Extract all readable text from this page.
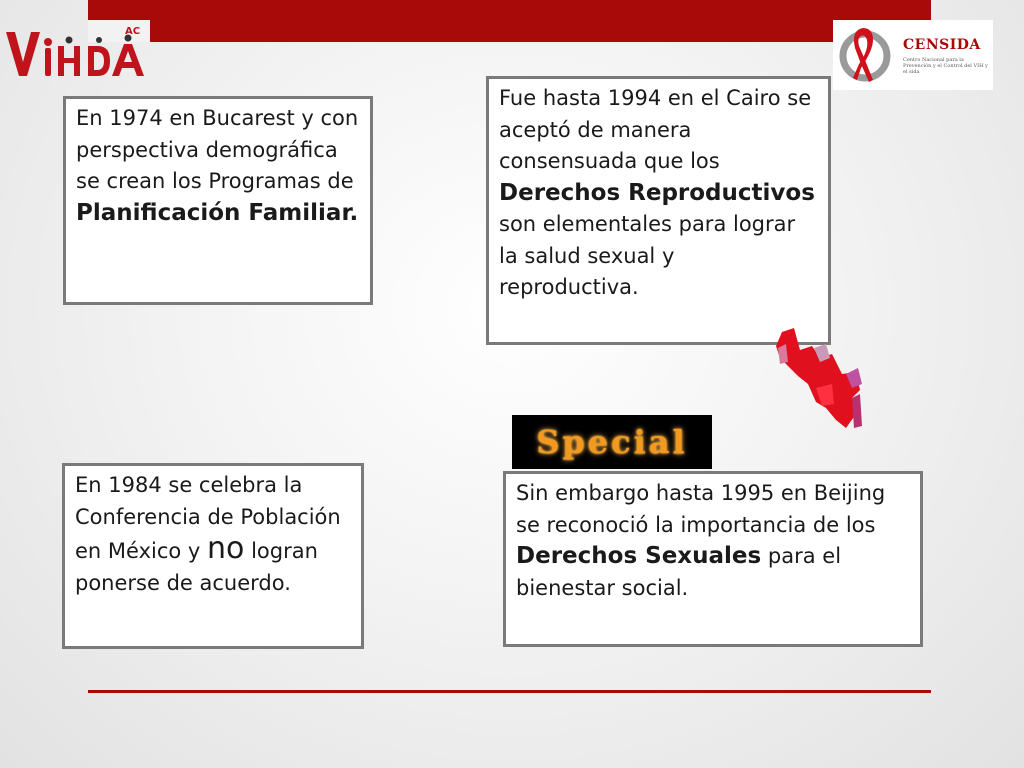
AC
CENSIDA
Centro Nacional para la Prevención y el Control del VIH y el sida
En 1974 en Bucarest y con perspectiva demográfica se crean los Programas de Planificación Familiar.
Fue hasta 1994 en el Cairo se aceptó de manera consensuada que los Derechos Reproductivos son elementales para lograr la salud sexual y reproductiva.
Special
En 1984 se celebra la Conferencia de Población en México y no logran ponerse de acuerdo.
Sin embargo hasta 1995 en Beijing se reconoció la importancia de los Derechos Sexuales para el bienestar social.
